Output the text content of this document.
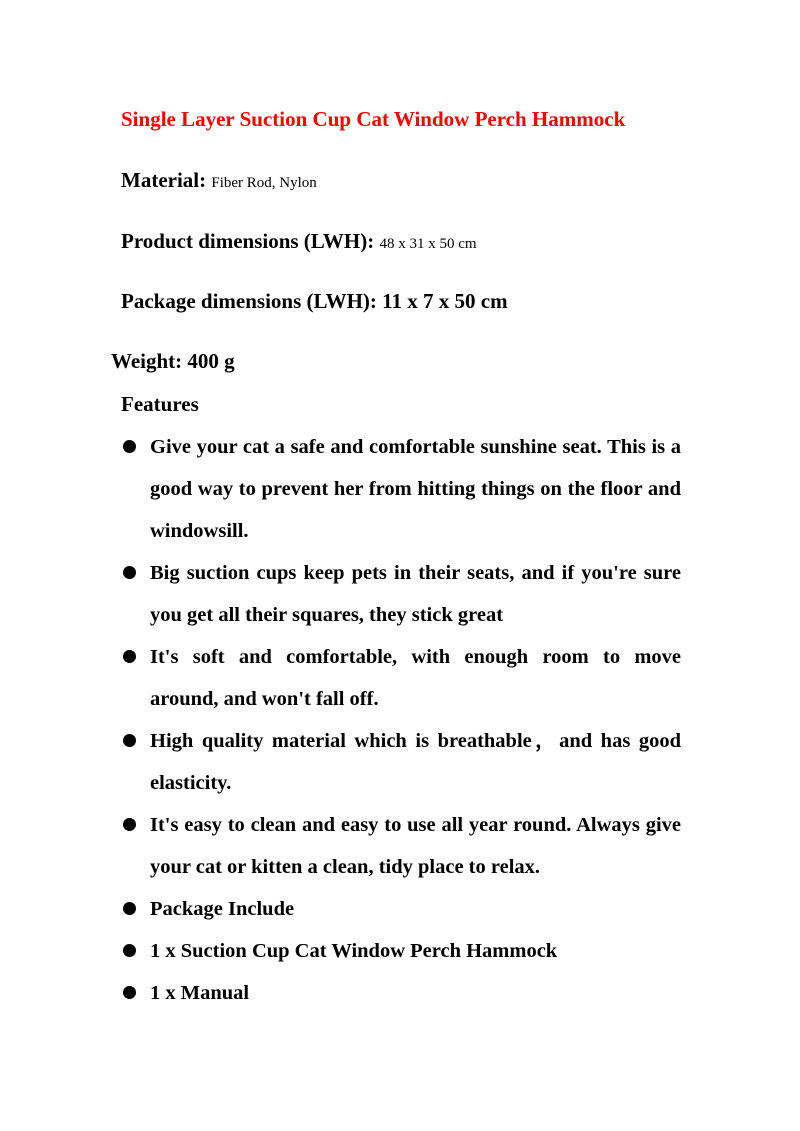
Single Layer Suction Cup Cat Window Perch Hammock
Material: Fiber Rod, Nylon
Product dimensions (LWH): 48 x 31 x 50 cm
Package dimensions (LWH): 11 x 7 x 50 cm
Weight: 400 g
Features
Give your cat a safe and comfortable sunshine seat. This is a good way to prevent her from hitting things on the floor and windowsill.
Big suction cups keep pets in their seats, and if you're sure you get all their squares, they stick great
It's soft and comfortable, with enough room to move around, and won't fall off.
High quality material which is breathable，and has good elasticity.
It's easy to clean and easy to use all year round. Always give your cat or kitten a clean, tidy place to relax.
Package Include
1 x Suction Cup Cat Window Perch Hammock
1 x Manual
